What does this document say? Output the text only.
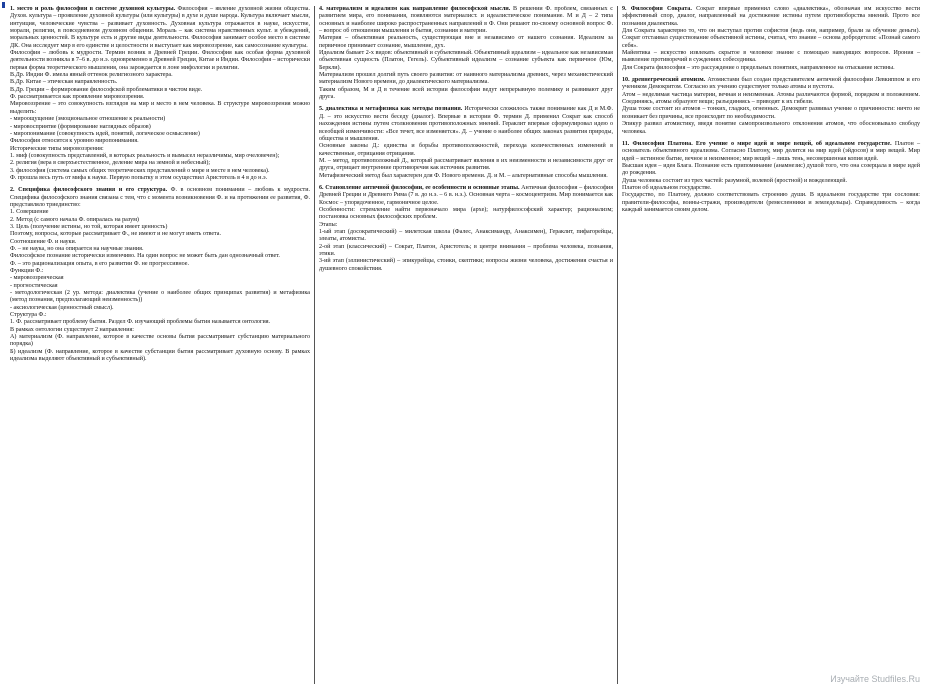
1. место и роль философии в системе духовной культуры. Философия – явление духовной жизни общества. Духов. культура – проявление духовной культуры (или культуры) в духе и душе народа. Культура включает мысли, интуиция, человеческие чувства – развивает духовность. Духовная культура отражается в науке, искусстве, морали, религии, в повседневном духовном общении. Мораль – как система нравственных культ. и убеждений, моральных ценностей. В культуре есть и другие виды деятельности. Философия занимает особое место в системе ДК. Она исследует мир в его единстве и целостности и выступает как мировоззрение, как самосознание культуры.

Философия – любовь к мудрости. Термин возник в Древней Греции. Философия как особая форма духовной деятельности возникла в 7–6 в. до н.э. одновременно в Древней Греции, Китае и Индии. Философия – исторически первая форма теоретического мышления, она зарождается в лоне мифологии и религии.

В.Др. Индии Ф. имела явный оттенок религиозного характера.

В.Др. Китае – этическая направленность.

В.Др. Греции – формирование философской проблематики в чистом виде.

Ф. рассматривается как проявление мировоззрения.

Мировоззрение – это совокупность взглядов на мир и место в нем человека. В структуре мировоззрения можно выделить:

- мироощущение (эмоциональное отношение к реальности)

- мировосприятие (формирование наглядных образов)

- миропонимание (совокупность идей, понятий, логическое осмысление)

Философия относится к уровню миропонимания.

Исторические типы мировоззрения:

1. миф (совокупность представлений, в которых реальность и вымысел неразличимы, мир очеловечен);

2. религия (вера в сверхъестественное, деление мира на земной и небесный);

3. философия (система самых общих теоретических представлений о мире и месте в нем человека).

Ф. прошла весь путь от мифа к науке. Первую попытку в этом осуществил Аристотель в 4 в до н.э.

2. Специфика философского знания и его структура. Ф. в основном понимании – любовь к мудрости. Специфика философского знания связана с тем, что с момента возникновения Ф. и на протяжении ее развития, Ф. представляло триединство:

1. Совершение

2. Метод (с самого начала Ф. опиралась на разум)

3. Цель (получение истины, но той, которая имеет ценность)

Поэтому, вопросы, которые рассматривает Ф., не имеют и не могут иметь ответа.

Соотношение Ф. и науки.

Ф. – не наука, но она опирается на научные знания.

Философское познание исторически изменчиво. На один вопрос не может быть дан однозначный ответ.

Ф. – это рационализация опыта, в его развитии Ф. не прогрессивное.

Функции Ф.:

- мировоззренческая

- прогностическая

- методологическая (2 ур. метода: диалектика (учение о наиболее общих принципах развития) и метафизика (метод познания, предполагающий неизменность))

- аксиологическая (ценностный смысл).

Структура Ф.:

1. Ф. рассматривает проблему бытия. Раздел Ф. изучающий проблемы бытия называется онтология.

В рамках онтологии существует 2 направления:

А) материализм (Ф. направление, которое в качестве основы бытия рассматривает субстанцию материального порядка)

Б) идеализм (Ф. направление, которое в качестве субстанции бытия рассматривает духовную основу. В рамках идеализма выделяют объективный и субъективный).

4. материализм и идеализм как направление философской мысли. В решении Ф. проблем, связанных с развитием мира, его понимания, появляются материалист. и идеалистическое понимание. М и Д – 2 типа основных и наиболее широко распространенных направлений в Ф. Они решают по-своему основной вопрос Ф. – вопрос об отношении мышления и бытия, сознания и материи.

Материя – объективная реальность, существующая вне и независимо от нашего сознания. Идеализм за первичное принимает сознание, мышление, дух.

Идеализм бывает 2-х видов: объективный и субъективный. Объективный идеализм – идеальное как независимая объективная сущность (Платон, Гегель). Субъективный идеализм – сознание субъекта как первичное (Юм, Беркли).

Материализм прошел долгий путь своего развития: от наивного материализма древних, через механистический материализм Нового времени, до диалектического материализма.

Таким образом, М и Д в течение всей истории философии ведут непрерывную полемику и развивают друг друга.

5. диалектика и метафизика как методы познания. Исторически сложилось также понимание как Д и М.Ф. Д. – это искусство вести беседу (диалог). Впервые в истории Ф. термин Д. применил Сократ как способ нахождения истины путем столкновения противоположных мнений. Гераклит впервые сформулировал идею о всеобщей изменчивости: «Все течет, все изменяется». Д. – учение о наиболее общих законах развития природы, общества и мышления.

Основные законы Д.: единства и борьбы противоположностей, перехода количественных изменений в качественные, отрицания отрицания.

М. – метод, противоположный Д., который рассматривает явления в их неизменности и независимости друг от друга, отрицает внутренние противоречия как источник развития.

Метафизический метод был характерен для Ф. Нового времени. Д. и М. – альтернативные способы мышления.

6. Становление античной философии, ее особенности и основные этапы. Античная философия – философия Древней Греции и Древнего Рима (7 в. до н.э. – 6 в. н.э.). Основная черта – космоцентризм. Мир понимается как Космос – упорядоченное, гармоничное целое.

Особенности: стремление найти первоначало мира (архе); натурфилософский характер; рационализм; постановка основных философских проблем.

Этапы:

1-ый этап (досократический) – милетская школа (Фалес, Анаксимандр, Анаксимен), Гераклит, пифагорейцы, элеаты, атомисты.

2-ой этап (классический) – Сократ, Платон, Аристотель; в центре внимания – проблема человека, познания, этики.

3-ий этап (эллинистический) – эпикурейцы, стоики, скептики; вопросы жизни человека, достижения счастья и душевного спокойствия.

9. Философия Сократа. Сократ впервые применил слово «диалектика», обозначая им искусство вести эффективный спор, диалог, направленный на достижение истины путем противоборства мнений. Прото все познания диалектика.

Для Сократа характерно то, что он выступал против софистов (ведь они, например, брали за обучение деньги). Сократ отстаивал существование объективной истины, считал, что знание – основа добродетели: «Познай самого себя».

Майевтика – искусство извлекать скрытое в человеке знание с помощью наводящих вопросов. Ирония – выявление противоречий в суждениях собеседника.

Для Сократа философия – это рассуждение о предельных понятиях, направленное на отыскание истины.

10. древнегреческий атомизм. Атомистами был создан представителем античной философии Левкиппом и его учеником Демокритом. Согласно их учению существуют только атомы и пустота.

Атом – неделимая частица материи, вечная и неизменная. Атомы различаются формой, порядком и положением. Соединяясь, атомы образуют вещи; разъединяясь – приводят к их гибели.

Душа тоже состоит из атомов – тонких, гладких, огненных. Демокрит развивал учение о причинности: ничто не возникает без причины, все происходит по необходимости.

Эпикур развил атомистику, введя понятие самопроизвольного отклонения атомов, что обосновывало свободу человека.

11. Философия Платона. Его учение о мире идей и мире вещей, об идеальном государстве. Платон – основатель объективного идеализма. Согласно Платону, мир делится на мир идей (эйдосов) и мир вещей. Мир идей – истинное бытие, вечное и неизменное; мир вещей – лишь тень, несовершенная копия идей.

Высшая идея – идея Блага. Познание есть припоминание (анамнезис) душой того, что она созерцала в мире идей до рождения.

Душа человека состоит из трех частей: разумной, волевой (яростной) и вожделеющей.

Платон об идеальном государстве.

Государство, по Платону, должно соответствовать строению души. В идеальном государстве три сословия: правители-философы, воины-стражи, производители (ремесленники и земледельцы). Справедливость – когда каждый занимается своим делом.

Изучайте Studfiles.Ru
